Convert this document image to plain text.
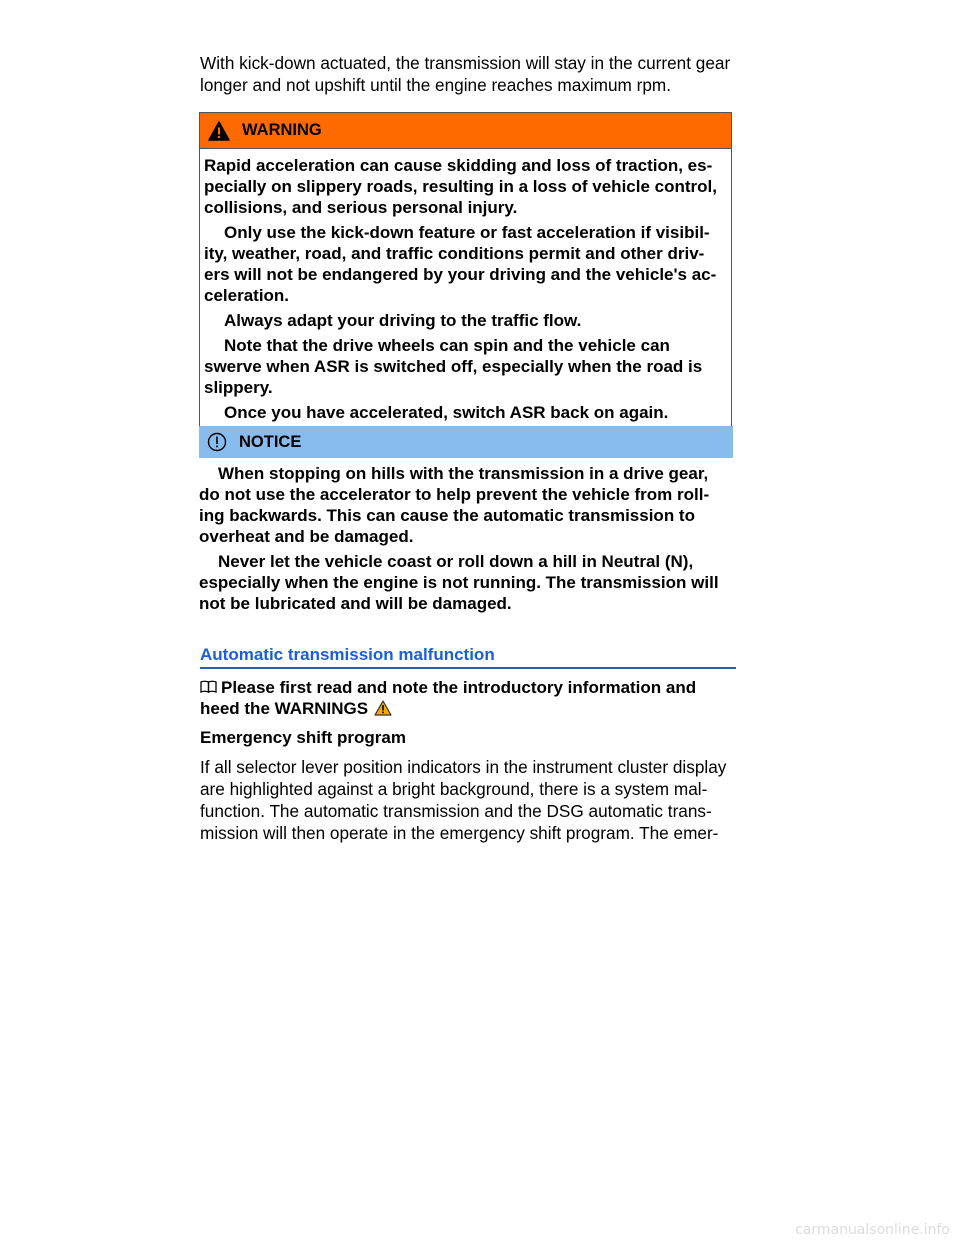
With kick-down actuated, the transmission will stay in the current gear
longer and not upshift until the engine reaches maximum rpm.

WARNING

Rapid acceleration can cause skidding and loss of traction, es-
pecially on slippery roads, resulting in a loss of vehicle control,
collisions, and serious personal injury.

Only use the kick-down feature or fast acceleration if visibil-
ity, weather, road, and traffic conditions permit and other driv-
ers will not be endangered by your driving and the vehicle's ac-
celeration.

Always adapt your driving to the traffic flow.

Note that the drive wheels can spin and the vehicle can
swerve when ASR is switched off, especially when the road is
slippery.

Once you have accelerated, switch ASR back on again.

NOTICE

When stopping on hills with the transmission in a drive gear,
do not use the accelerator to help prevent the vehicle from roll-
ing backwards. This can cause the automatic transmission to
overheat and be damaged.

Never let the vehicle coast or roll down a hill in Neutral (N),
especially when the engine is not running. The transmission will
not be lubricated and will be damaged.

Automatic transmission malfunction
Please first read and note the introductory information and
heed the WARNINGS
Emergency shift program

If all selector lever position indicators in the instrument cluster display
are highlighted against a bright background, there is a system mal-
function. The automatic transmission and the DSG automatic trans-
mission will then operate in the emergency shift program. The emer-

carmanualsonline.info
